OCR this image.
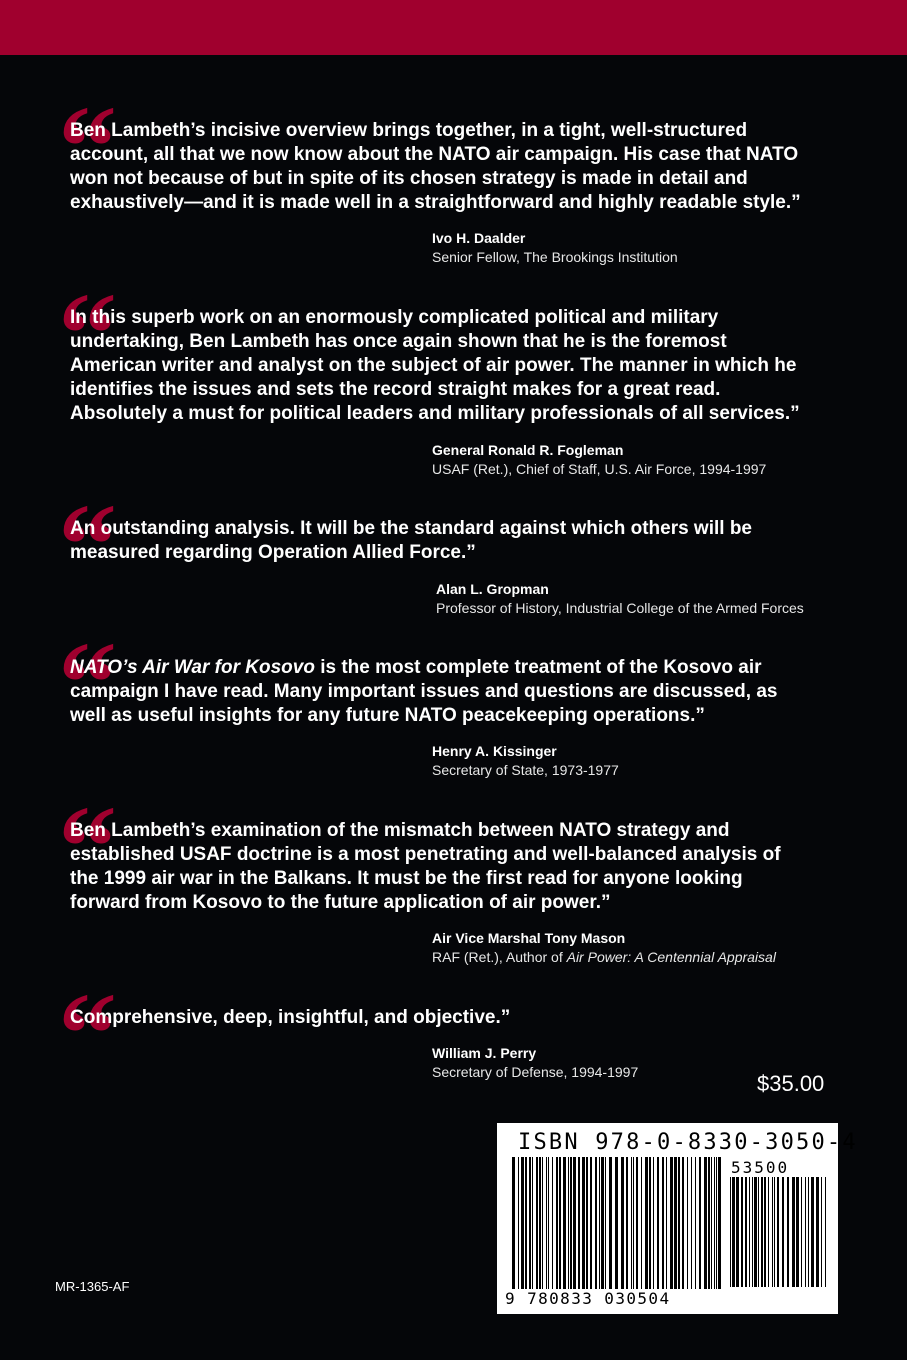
“

Ben Lambeth’s incisive overview brings together, in a tight, well-structured
account, all that we now know about the NATO air campaign. His case that NATO
won not because of but in spite of its chosen strategy is made in detail and
exhaustively—and it is made well in a straightforward and highly readable style.”

Ivo H. Daalder
Senior Fellow, The Brookings Institution
“

In this superb work on an enormously complicated political and military
undertaking, Ben Lambeth has once again shown that he is the foremost
American writer and analyst on the subject of air power. The manner in which he
identifies the issues and sets the record straight makes for a great read.
Absolutely a must for political leaders and military professionals of all services.”

General Ronald R. Fogleman
USAF (Ret.), Chief of Staff, U.S. Air Force, 1994-1997
“

An outstanding analysis. It will be the standard against which others will be
measured regarding Operation Allied Force.”

Alan L. Gropman
Professor of History, Industrial College of the Armed Forces
“

NATO’s Air War for Kosovo is the most complete treatment of the Kosovo air
campaign I have read. Many important issues and questions are discussed, as
well as useful insights for any future NATO peacekeeping operations.”

Henry A. Kissinger
Secretary of State, 1973-1977
“

Ben Lambeth’s examination of the mismatch between NATO strategy and
established USAF doctrine is a most penetrating and well-balanced analysis of
the 1999 air war in the Balkans. It must be the first read for anyone looking
forward from Kosovo to the future application of air power.”

Air Vice Marshal Tony Mason
RAF (Ret.), Author of Air Power: A Centennial Appraisal
“

Comprehensive, deep, insightful, and objective.”

William J. Perry
Secretary of Defense, 1994-1997	$35.00
MR-1365-AF
ISBN 978-0-8330-3050-4
53500
9 780833 030504
